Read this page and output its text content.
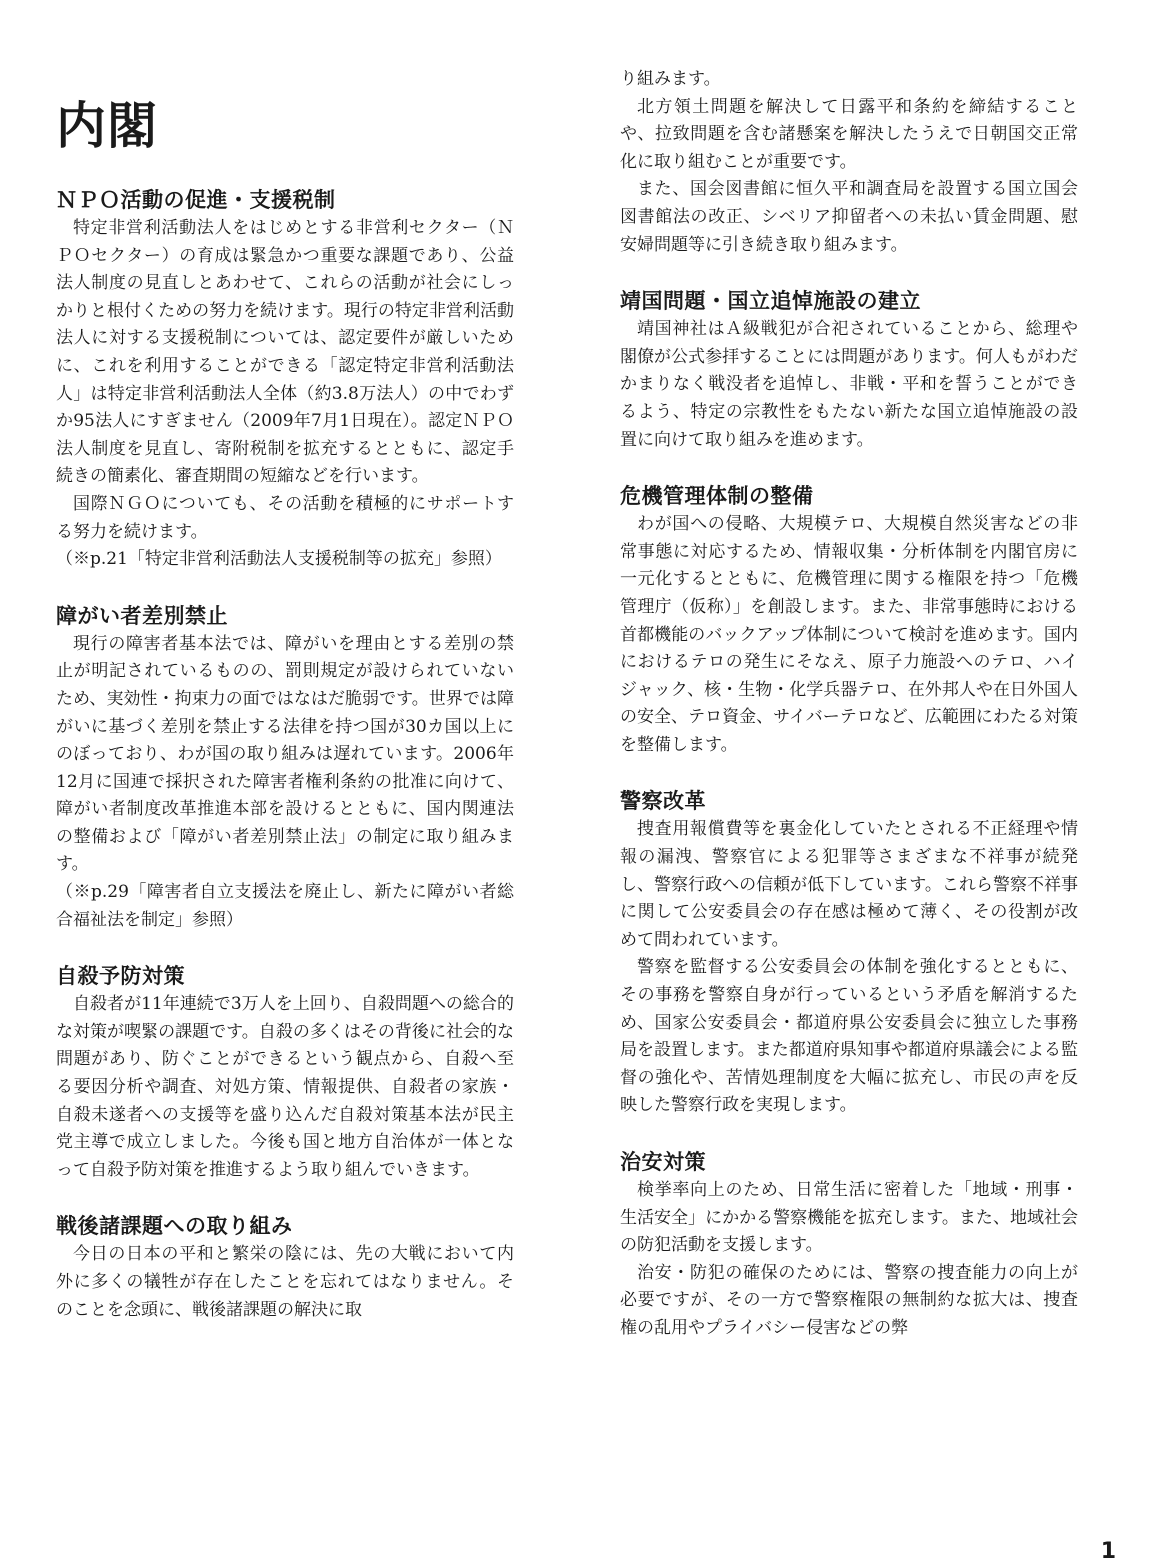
内閣
ＮＰＯ活動の促進・支援税制

特定非営利活動法人をはじめとする非営利セクター（ＮＰＯセクター）の育成は緊急かつ重要な課題であり、公益法人制度の見直しとあわせて、これらの活動が社会にしっかりと根付くための努力を続けます。現行の特定非営利活動法人に対する支援税制については、認定要件が厳しいために、これを利用することができる「認定特定非営利活動法人」は特定非営利活動法人全体（約3.8万法人）の中でわずか95法人にすぎません（2009年7月1日現在）。認定ＮＰＯ法人制度を見直し、寄附税制を拡充するとともに、認定手続きの簡素化、審査期間の短縮などを行います。

国際ＮＧＯについても、その活動を積極的にサポートする努力を続けます。

（※p.21「特定非営利活動法人支援税制等の拡充」参照）

障がい者差別禁止

現行の障害者基本法では、障がいを理由とする差別の禁止が明記されているものの、罰則規定が設けられていないため、実効性・拘束力の面ではなはだ脆弱です。世界では障がいに基づく差別を禁止する法律を持つ国が30カ国以上にのぼっており、わが国の取り組みは遅れています。2006年12月に国連で採択された障害者権利条約の批准に向けて、障がい者制度改革推進本部を設けるとともに、国内関連法の整備および「障がい者差別禁止法」の制定に取り組みます。

（※p.29「障害者自立支援法を廃止し、新たに障がい者総合福祉法を制定」参照）

自殺予防対策

自殺者が11年連続で3万人を上回り、自殺問題への総合的な対策が喫緊の課題です。自殺の多くはその背後に社会的な問題があり、防ぐことができるという観点から、自殺へ至る要因分析や調査、対処方策、情報提供、自殺者の家族・自殺未遂者への支援等を盛り込んだ自殺対策基本法が民主党主導で成立しました。今後も国と地方自治体が一体となって自殺予防対策を推進するよう取り組んでいきます。

戦後諸課題への取り組み

今日の日本の平和と繁栄の陰には、先の大戦において内外に多くの犠牲が存在したことを忘れてはなりません。そのことを念頭に、戦後諸課題の解決に取

り組みます。

北方領土問題を解決して日露平和条約を締結することや、拉致問題を含む諸懸案を解決したうえで日朝国交正常化に取り組むことが重要です。

また、国会図書館に恒久平和調査局を設置する国立国会図書館法の改正、シベリア抑留者への未払い賃金問題、慰安婦問題等に引き続き取り組みます。

靖国問題・国立追悼施設の建立

靖国神社はＡ級戦犯が合祀されていることから、総理や閣僚が公式参拝することには問題があります。何人もがわだかまりなく戦没者を追悼し、非戦・平和を誓うことができるよう、特定の宗教性をもたない新たな国立追悼施設の設置に向けて取り組みを進めます。

危機管理体制の整備

わが国への侵略、大規模テロ、大規模自然災害などの非常事態に対応するため、情報収集・分析体制を内閣官房に一元化するとともに、危機管理に関する権限を持つ「危機管理庁（仮称）」を創設します。また、非常事態時における首都機能のバックアップ体制について検討を進めます。国内におけるテロの発生にそなえ、原子力施設へのテロ、ハイジャック、核・生物・化学兵器テロ、在外邦人や在日外国人の安全、テロ資金、サイバーテロなど、広範囲にわたる対策を整備します。

警察改革

捜査用報償費等を裏金化していたとされる不正経理や情報の漏洩、警察官による犯罪等さまざまな不祥事が続発し、警察行政への信頼が低下しています。これら警察不祥事に関して公安委員会の存在感は極めて薄く、その役割が改めて問われています。

警察を監督する公安委員会の体制を強化するとともに、その事務を警察自身が行っているという矛盾を解消するため、国家公安委員会・都道府県公安委員会に独立した事務局を設置します。また都道府県知事や都道府県議会による監督の強化や、苦情処理制度を大幅に拡充し、市民の声を反映した警察行政を実現します。

治安対策

検挙率向上のため、日常生活に密着した「地域・刑事・生活安全」にかかる警察機能を拡充します。また、地域社会の防犯活動を支援します。

治安・防犯の確保のためには、警察の捜査能力の向上が必要ですが、その一方で警察権限の無制約な拡大は、捜査権の乱用やプライバシー侵害などの弊

1
